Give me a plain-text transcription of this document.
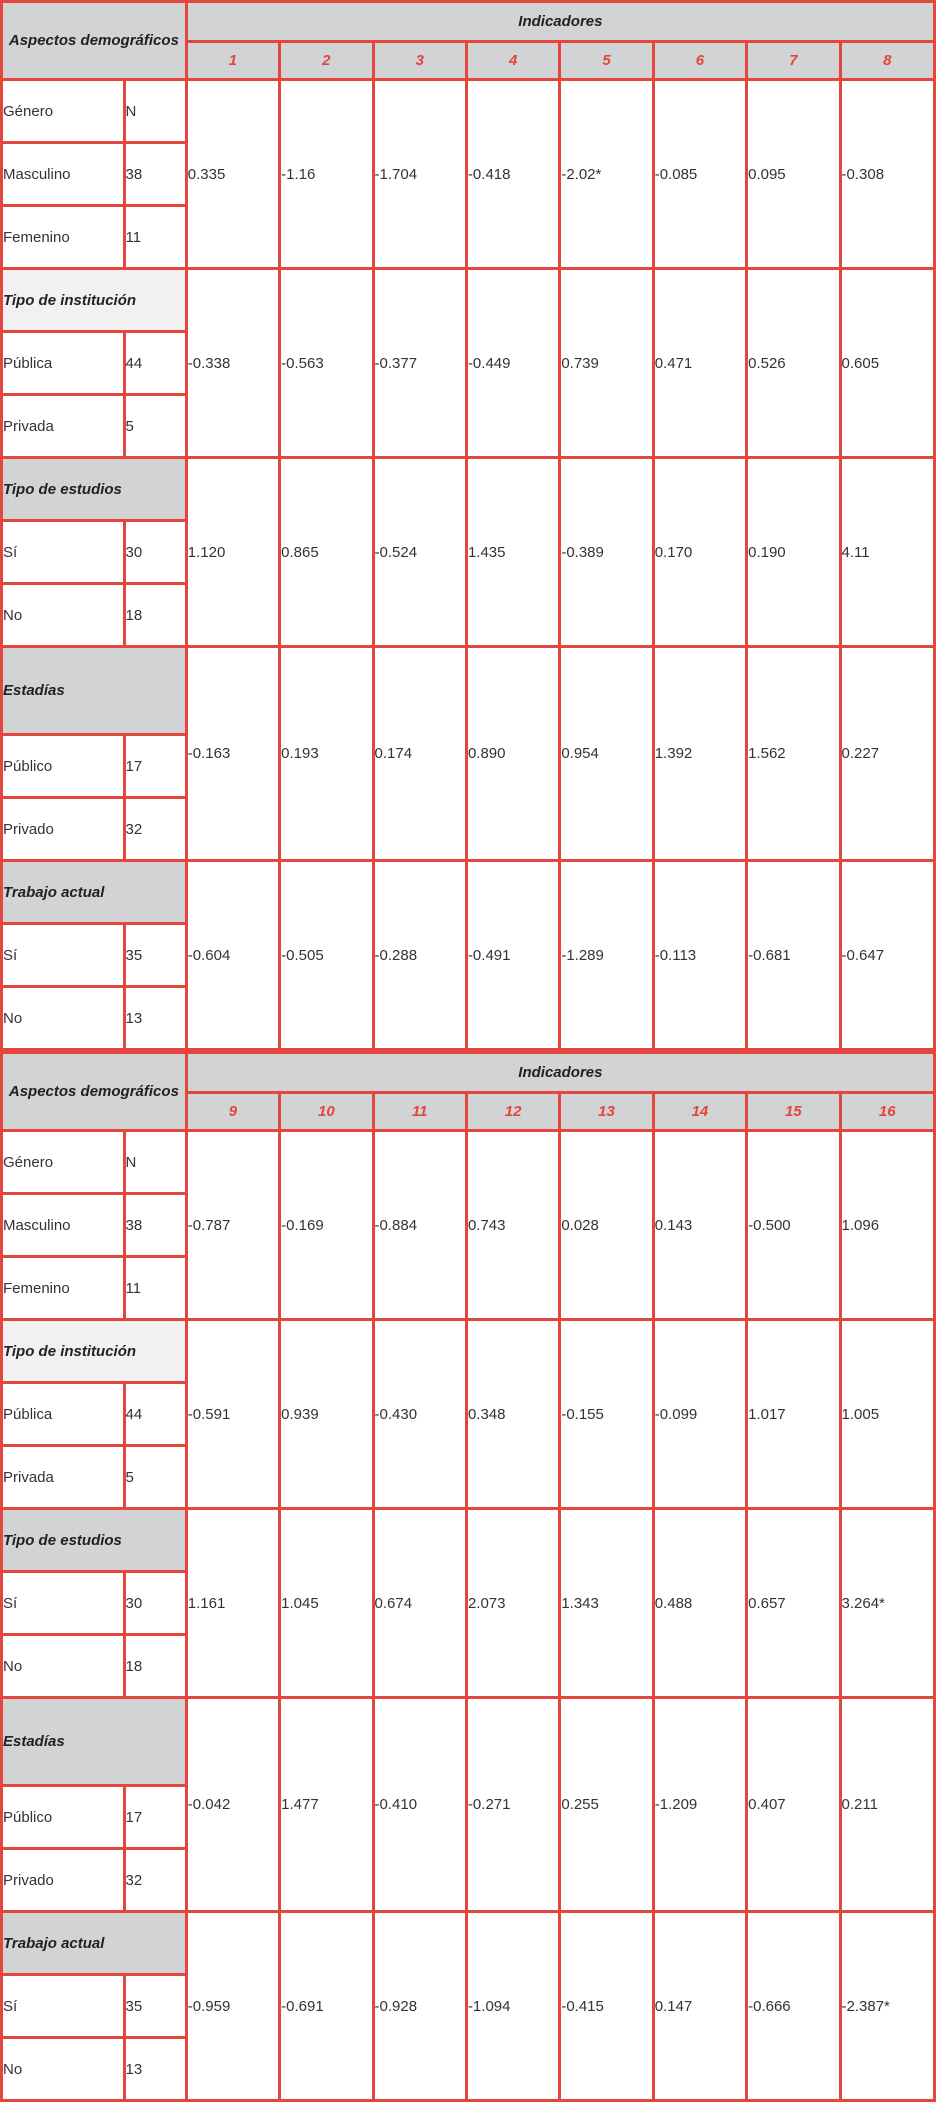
Aspectos demográficos		Indicadores							
		1	2	3	4	5	6	7	8
Género	N	0.335	-1.16	-1.704	-0.418	-2.02*	-0.085	0.095	-0.308
Masculino	38								
Femenino	11								
Tipo de institución		-0.338	-0.563	-0.377	-0.449	0.739	0.471	0.526	0.605
Pública	44								
Privada	5								
Tipo de estudios		1.120	0.865	-0.524	1.435	-0.389	0.170	0.190	4.11
Sí	30								
No	18								
Estadías		-0.163	0.193	0.174	0.890	0.954	1.392	1.562	0.227
Público	17								
Privado	32								
Trabajo actual		-0.604	-0.505	-0.288	-0.491	-1.289	-0.113	-0.681	-0.647
Sí	35								
No	13								
Aspectos demográficos		Indicadores							
		9	10	11	12	13	14	15	16
Género	N	-0.787	-0.169	-0.884	0.743	0.028	0.143	-0.500	1.096
Masculino	38								
Femenino	11								
Tipo de institución		-0.591	0.939	-0.430	0.348	-0.155	-0.099	1.017	1.005
Pública	44								
Privada	5								
Tipo de estudios		1.161	1.045	0.674	2.073	1.343	0.488	0.657	3.264*
Sí	30								
No	18								
Estadías		-0.042	1.477	-0.410	-0.271	0.255	-1.209	0.407	0.211
Público	17								
Privado	32								
Trabajo actual		-0.959	-0.691	-0.928	-1.094	-0.415	0.147	-0.666	-2.387*
Sí	35								
No	13								
